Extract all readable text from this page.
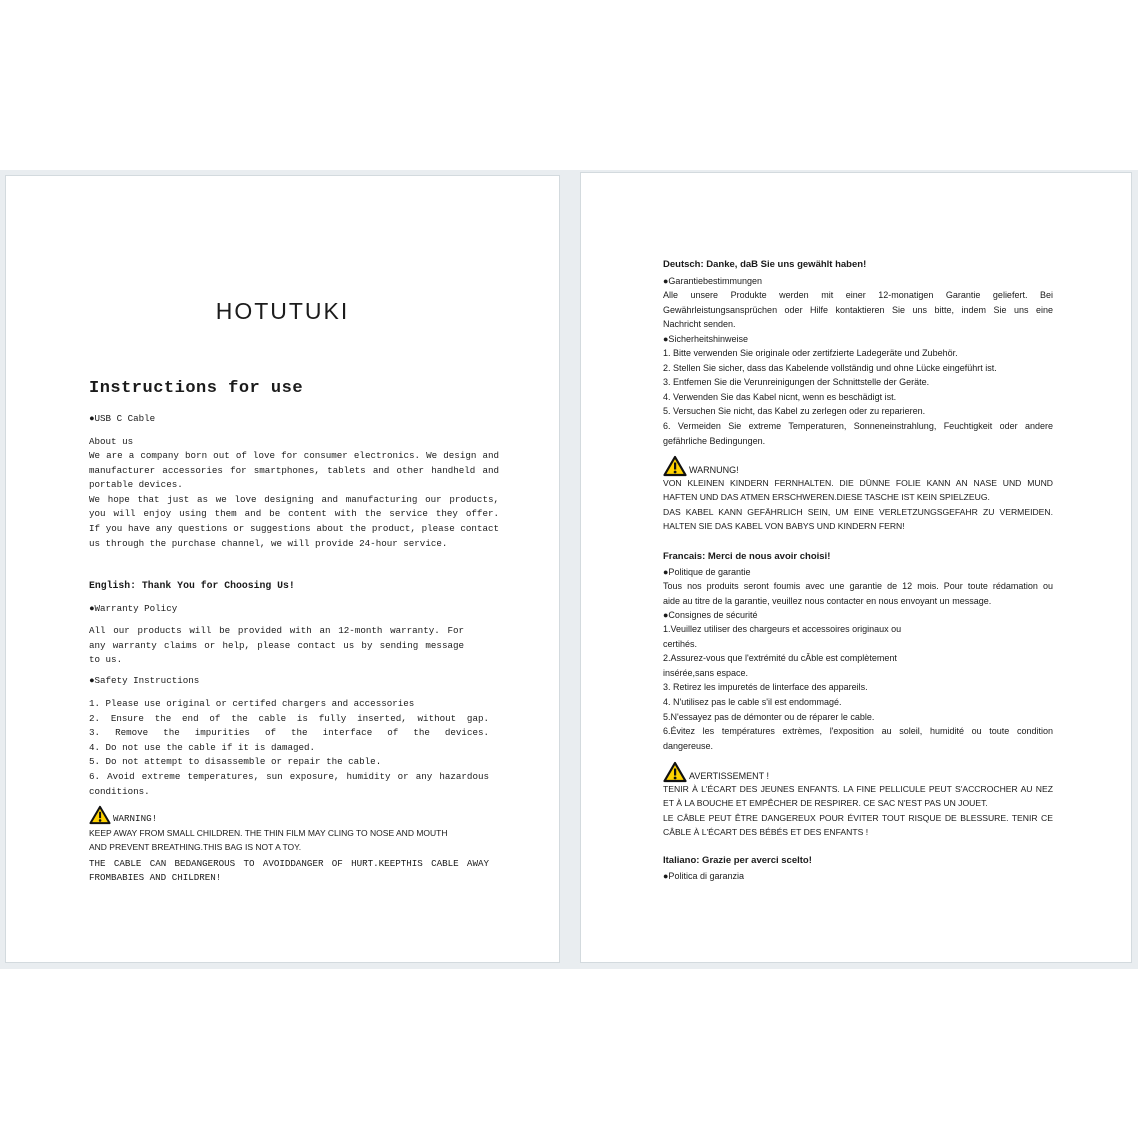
HOTUTUKI
Instructions for use
●USB C Cable
About us
We are a company born out of love for consumer electronics. We design and
manufacturer accessories for smartphones, tablets and other handheld and
portable devices.
We hope that just as we love designing and manufacturing our products,
you will enjoy using them and be content with the service they offer.
If you have any questions or suggestions about the product, please contact
us through the purchase channel, we will provide 24-hour service.
English: Thank You for Choosing Us!
●Warranty Policy
All our products will be provided with an 12-month warranty. For
any warranty claims or help, please contact us by sending message
to us.
●Safety Instructions
1. Please use original or certifed chargers and accessories
2. Ensure the end of the cable is fully inserted, without gap.
3. Remove the impurities of the interface of the devices.
4. Do not use the cable if it is damaged.
5. Do not attempt to disassemble or repair the cable.
6. Avoid extreme temperatures, sun exposure, humidity or any hazardous
conditions.
WARNING!
KEEP AWAY FROM SMALL CHILDREN. THE THIN FILM MAY CLING TO NOSE AND MOUTH
AND PREVENT BREATHING.THIS BAG IS NOT A TOY.
THE CABLE CAN BEDANGEROUS TO AVOIDDANGER OF HURT.KEEPTHIS CABLE AWAY
FROMBABIES AND CHILDREN!
Deutsch: Danke, daB Sie uns gewählt haben!
●Garantiebestimmungen
Alle unsere Produkte werden mit einer 12-monatigen Garantie geliefert. Bei
Gewährleistungsansprüchen oder Hilfe kontaktieren Sie uns bitte, indem Sie uns eine
Nachricht senden.
●Sicherheitshinweise
1. Bitte verwenden Sie originale oder zertifzierte Ladegeräte und Zubehör.
2. Stellen Sie sicher, dass das Kabelende vollständig und ohne Lücke eingeführt ist.
3. Entfemen Sie die Verunreinigungen der Schnittstelle der Geräte.
4. Verwenden Sie das Kabel nicnt, wenn es beschädigt ist.
5. Versuchen Sie nicht, das Kabel zu zerlegen oder zu reparieren.
6. Vermeiden Sie extreme Temperaturen, Sonneneinstrahlung, Feuchtigkeit oder andere
gefährliche Bedingungen.
WARNUNG!
VON KLEINEN KINDERN FERNHALTEN. DIE DÜNNE FOLIE KANN AN NASE UND MUND
HAFTEN UND DAS ATMEN ERSCHWEREN.DIESE TASCHE IST KEIN SPIELZEUG.
DAS KABEL KANN GEFÄHRLICH SEIN, UM EINE VERLETZUNGSGEFAHR ZU VERMEIDEN.
HALTEN SIE DAS KABEL VON BABYS UND KINDERN FERN!
Francais: Merci de nous avoir choisi!
●Politique de garantie
Tous nos produits seront foumis avec une garantie de 12 mois. Pour toute rédamation ou
aide au titre de la garantie, veuillez nous contacter en nous envoyant un message.
●Consignes de sécurité
1.Veuillez utiliser des chargeurs et accessoires originaux ou
certihés.
2.Assurez-vous que l'extrémité du cÂble est complètement
insérée,sans espace.
3. Retirez les impuretés de linterface des appareils.
4. N'utilisez pas le cable s'il est endommagé.
5.N'essayez pas de démonter ou de réparer le cable.
6.Évitez les températures extrèmes, l'exposition au soleil, humidité ou toute condition
dangereuse.
AVERTISSEMENT !
TENIR À L'ÉCART DES JEUNES ENFANTS. LA FINE PELLICULE PEUT S'ACCROCHER AU NEZ
ET À LA BOUCHE ET EMPÊCHER DE RESPIRER. CE SAC N'EST PAS UN JOUET.
LE CÂBLE PEUT ÊTRE DANGEREUX POUR ÉVITER TOUT RISQUE DE BLESSURE. TENIR CE
CÂBLE À L'ÉCART DES BÉBÉS ET DES ENFANTS !
Italiano: Grazie per averci scelto!
●Politica di garanzia
